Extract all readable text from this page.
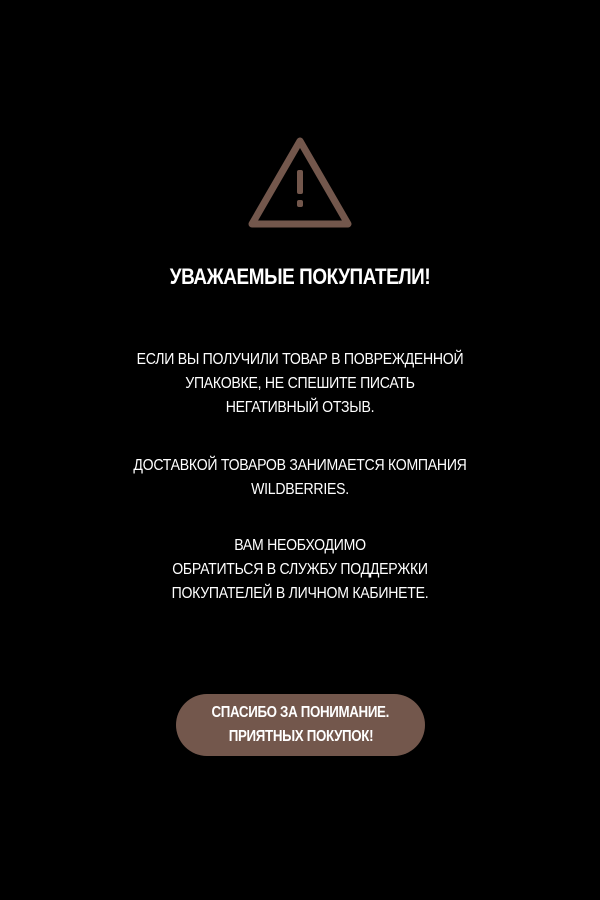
УВАЖАЕМЫЕ ПОКУПАТЕЛИ!
ЕСЛИ ВЫ ПОЛУЧИЛИ ТОВАР В ПОВРЕЖДЕННОЙ
УПАКОВКЕ, НЕ СПЕШИТЕ ПИСАТЬ
НЕГАТИВНЫЙ ОТЗЫВ.
ДОСТАВКОЙ ТОВАРОВ ЗАНИМАЕТСЯ КОМПАНИЯ
WILDBERRIES.
ВАМ НЕОБХОДИМО
ОБРАТИТЬСЯ В СЛУЖБУ ПОДДЕРЖКИ
ПОКУПАТЕЛЕЙ В ЛИЧНОМ КАБИНЕТЕ.
СПАСИБО ЗА ПОНИМАНИЕ.
ПРИЯТНЫХ ПОКУПОК!
